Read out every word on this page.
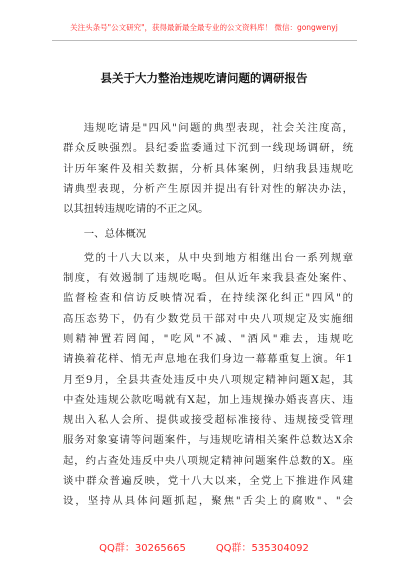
关注头条号"公文研究"，获得最新最全最专业的公文资料库！ 微信：gongwenyj
县关于大力整治违规吃请问题的调研报告
违规吃请是"四风"问题的典型表现，社会关注度高，
群众反映强烈。县纪委监委通过下沉到一线现场调研，统
计历年案件及相关数据，分析具体案例，归纳我县违规吃
请典型表现，分析产生原因并提出有针对性的解决办法，
以其扭转违规吃请的不正之风。
一、总体概况
党的十八大以来，从中央到地方相继出台一系列规章
制度，有效遏制了违规吃喝。但从近年来我县查处案件、
监督检查和信访反映情况看，在持续深化纠正"四风"的
高压态势下，仍有少数党员干部对中央八项规定及实施细
则精神置若罔闻，"吃风"不减、"酒风"难去，违规吃
请换着花样、悄无声息地在我们身边一幕幕重复上演。年1
月至9月，全县共查处违反中央八项规定精神问题X起，其
中查处违规公款吃喝就有X起，加上违规操办婚丧喜庆、违
规出入私人会所、提供或接受超标准接待、违规接受管理
服务对象宴请等问题案件，与违规吃请相关案件总数达X余
起，约占查处违反中央八项规定精神问题案件总数的X。座
谈中群众普遍反映，党十八大以来，全党上下推进作风建
设，坚持从具体问题抓起，聚焦"舌尖上的腐败"、"会
QQ群：30265665	QQ群：535304092
